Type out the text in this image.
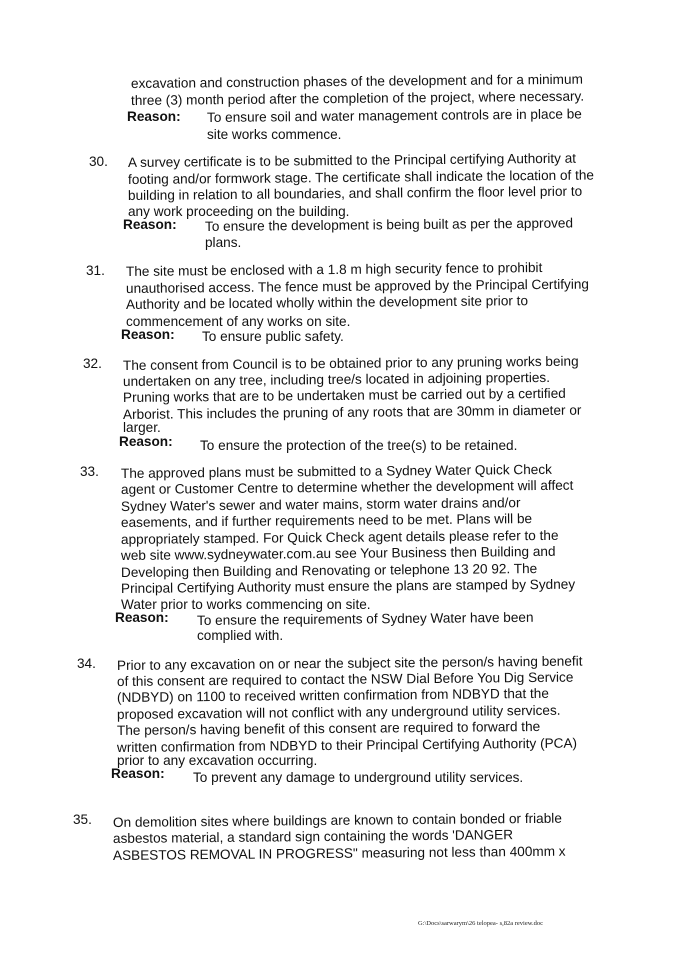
excavation and construction phases of the development and for a minimum
three (3) month period after the completion of the project, where necessary.
Reason: To ensure soil and water management controls are in place be
site works commence.
30. A survey certificate is to be submitted to the Principal certifying Authority at
footing and/or formwork stage. The certificate shall indicate the location of the
building in relation to all boundaries, and shall confirm the floor level prior to
any work proceeding on the building.
Reason: To ensure the development is being built as per the approved
plans.
31. The site must be enclosed with a 1.8 m high security fence to prohibit
unauthorised access. The fence must be approved by the Principal Certifying
Authority and be located wholly within the development site prior to
commencement of any works on site.
Reason: To ensure public safety.
32. The consent from Council is to be obtained prior to any pruning works being
undertaken on any tree, including tree/s located in adjoining properties.
Pruning works that are to be undertaken must be carried out by a certified
Arborist. This includes the pruning of any roots that are 30mm in diameter or
larger.
Reason: To ensure the protection of the tree(s) to be retained.
33. The approved plans must be submitted to a Sydney Water Quick Check
agent or Customer Centre to determine whether the development will affect
Sydney Water's sewer and water mains, storm water drains and/or
easements, and if further requirements need to be met. Plans will be
appropriately stamped. For Quick Check agent details please refer to the
web site www.sydneywater.com.au see Your Business then Building and
Developing then Building and Renovating or telephone 13 20 92. The
Principal Certifying Authority must ensure the plans are stamped by Sydney
Water prior to works commencing on site.
Reason: To ensure the requirements of Sydney Water have been
complied with.
34. Prior to any excavation on or near the subject site the person/s having benefit
of this consent are required to contact the NSW Dial Before You Dig Service
(NDBYD) on 1100 to received written confirmation from NDBYD that the
proposed excavation will not conflict with any underground utility services.
The person/s having benefit of this consent are required to forward the
written confirmation from NDBYD to their Principal Certifying Authority (PCA)
prior to any excavation occurring.
Reason: To prevent any damage to underground utility services.
35. On demolition sites where buildings are known to contain bonded or friable
asbestos material, a standard sign containing the words 'DANGER
ASBESTOS REMOVAL IN PROGRESS" measuring not less than 400mm x
G:\Docs\sarwarym\26 telopea- s,82a review.doc
